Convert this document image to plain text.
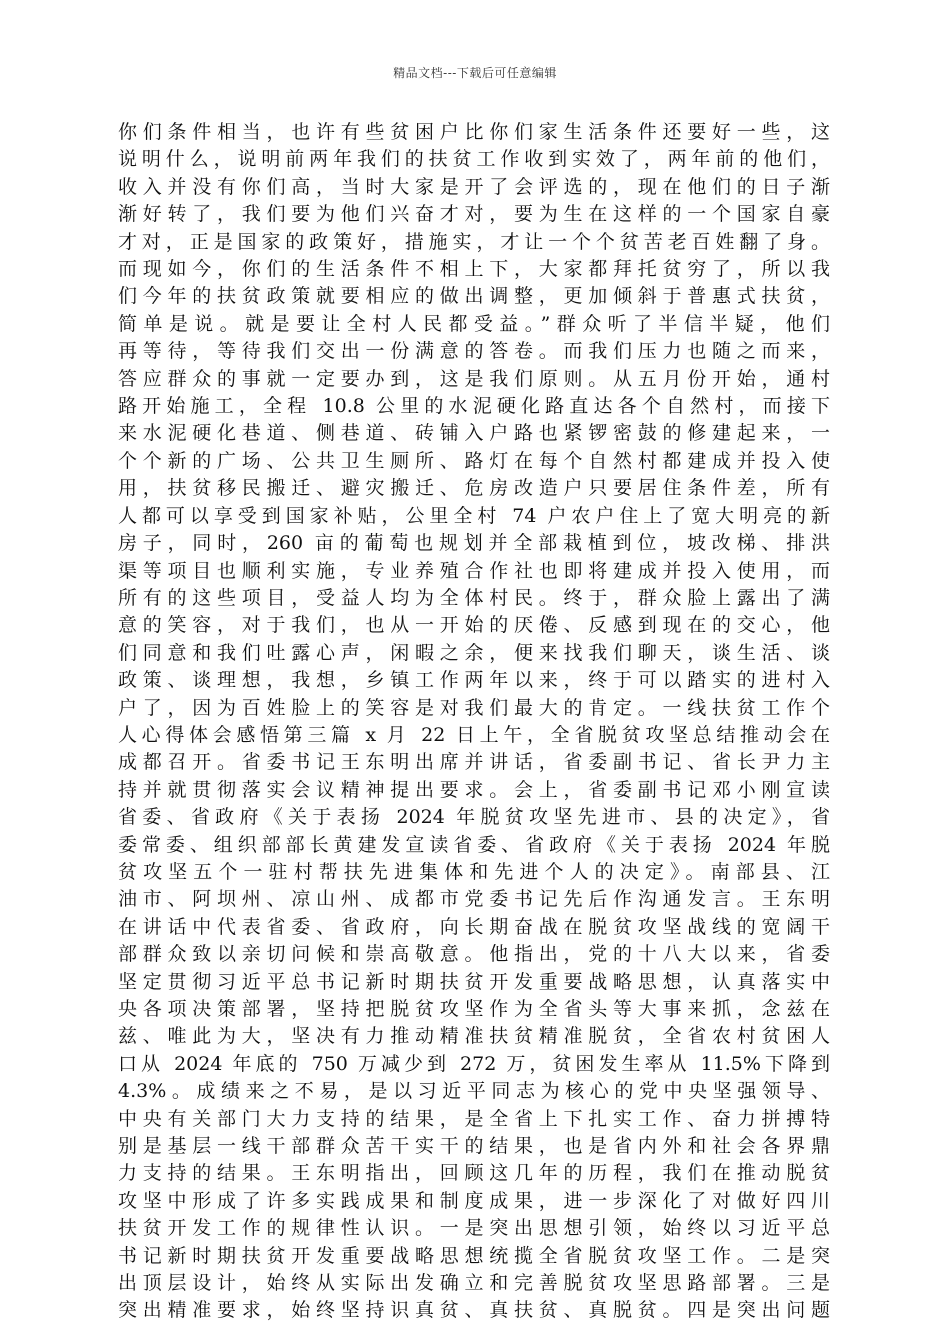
精品文档---下载后可任意编辑
你们条件相当，也许有些贫困户比你们家生活条件还要好一些，这
说明什么，说明前两年我们的扶贫工作收到实效了，两年前的他们，
收入并没有你们高，当时大家是开了会评选的，现在他们的日子渐
渐好转了，我们要为他们兴奋才对，要为生在这样的一个国家自豪
才对，正是国家的政策好，措施实，才让一个个贫苦老百姓翻了身。
而现如今，你们的生活条件不相上下，大家都拜托贫穷了，所以我
们今年的扶贫政策就要相应的做出调整，更加倾斜于普惠式扶贫，
简单是说。就是要让全村人民都受益。”群众听了半信半疑，他们
再等待，等待我们交出一份满意的答卷。而我们压力也随之而来，
答应群众的事就一定要办到，这是我们原则。从五月份开始，通村
路开始施工，全程 10.8 公里的水泥硬化路直达各个自然村，而接下
来水泥硬化巷道、侧巷道、砖铺入户路也紧锣密鼓的修建起来，一
个个新的广场、公共卫生厕所、路灯在每个自然村都建成并投入使
用，扶贫移民搬迁、避灾搬迁、危房改造户只要居住条件差，所有
人都可以享受到国家补贴，公里全村 74 户农户住上了宽大明亮的新
房子，同时，260 亩的葡萄也规划并全部栽植到位，坡改梯、排洪
渠等项目也顺利实施，专业养殖合作社也即将建成并投入使用，而
所有的这些项目，受益人均为全体村民。终于，群众脸上露出了满
意的笑容，对于我们，也从一开始的厌倦、反感到现在的交心，他
们同意和我们吐露心声，闲暇之余，便来找我们聊天，谈生活、谈
政策、谈理想，我想，乡镇工作两年以来，终于可以踏实的进村入
户了，因为百姓脸上的笑容是对我们最大的肯定。一线扶贫工作个
人心得体会感悟第三篇 x 月 22 日上午，全省脱贫攻坚总结推动会在
成都召开。省委书记王东明出席并讲话，省委副书记、省长尹力主
持并就贯彻落实会议精神提出要求。会上，省委副书记邓小刚宣读
省委、省政府《关于表扬 2024 年脱贫攻坚先进市、县的决定》，省
委常委、组织部部长黄建发宣读省委、省政府《关于表扬 2024 年脱
贫攻坚五个一驻村帮扶先进集体和先进个人的决定》。南部县、江
油市、阿坝州、凉山州、成都市党委书记先后作沟通发言。王东明
在讲话中代表省委、省政府，向长期奋战在脱贫攻坚战线的宽阔干
部群众致以亲切问候和崇高敬意。他指出，党的十八大以来，省委
坚定贯彻习近平总书记新时期扶贫开发重要战略思想，认真落实中
央各项决策部署，坚持把脱贫攻坚作为全省头等大事来抓，念兹在
兹、唯此为大，坚决有力推动精准扶贫精准脱贫，全省农村贫困人
口从 2024 年底的 750 万减少到 272 万，贫困发生率从 11.5%下降到
4.3%。成绩来之不易，是以习近平同志为核心的党中央坚强领导、
中央有关部门大力支持的结果，是全省上下扎实工作、奋力拼搏特
别是基层一线干部群众苦干实干的结果，也是省内外和社会各界鼎
力支持的结果。王东明指出，回顾这几年的历程，我们在推动脱贫
攻坚中形成了许多实践成果和制度成果，进一步深化了对做好四川
扶贫开发工作的规律性认识。一是突出思想引领，始终以习近平总
书记新时期扶贫开发重要战略思想统揽全省脱贫攻坚工作。二是突
出顶层设计，始终从实际出发确立和完善脱贫攻坚思路部署。三是
突出精准要求，始终坚持识真贫、真扶贫、真脱贫。四是突出问题
